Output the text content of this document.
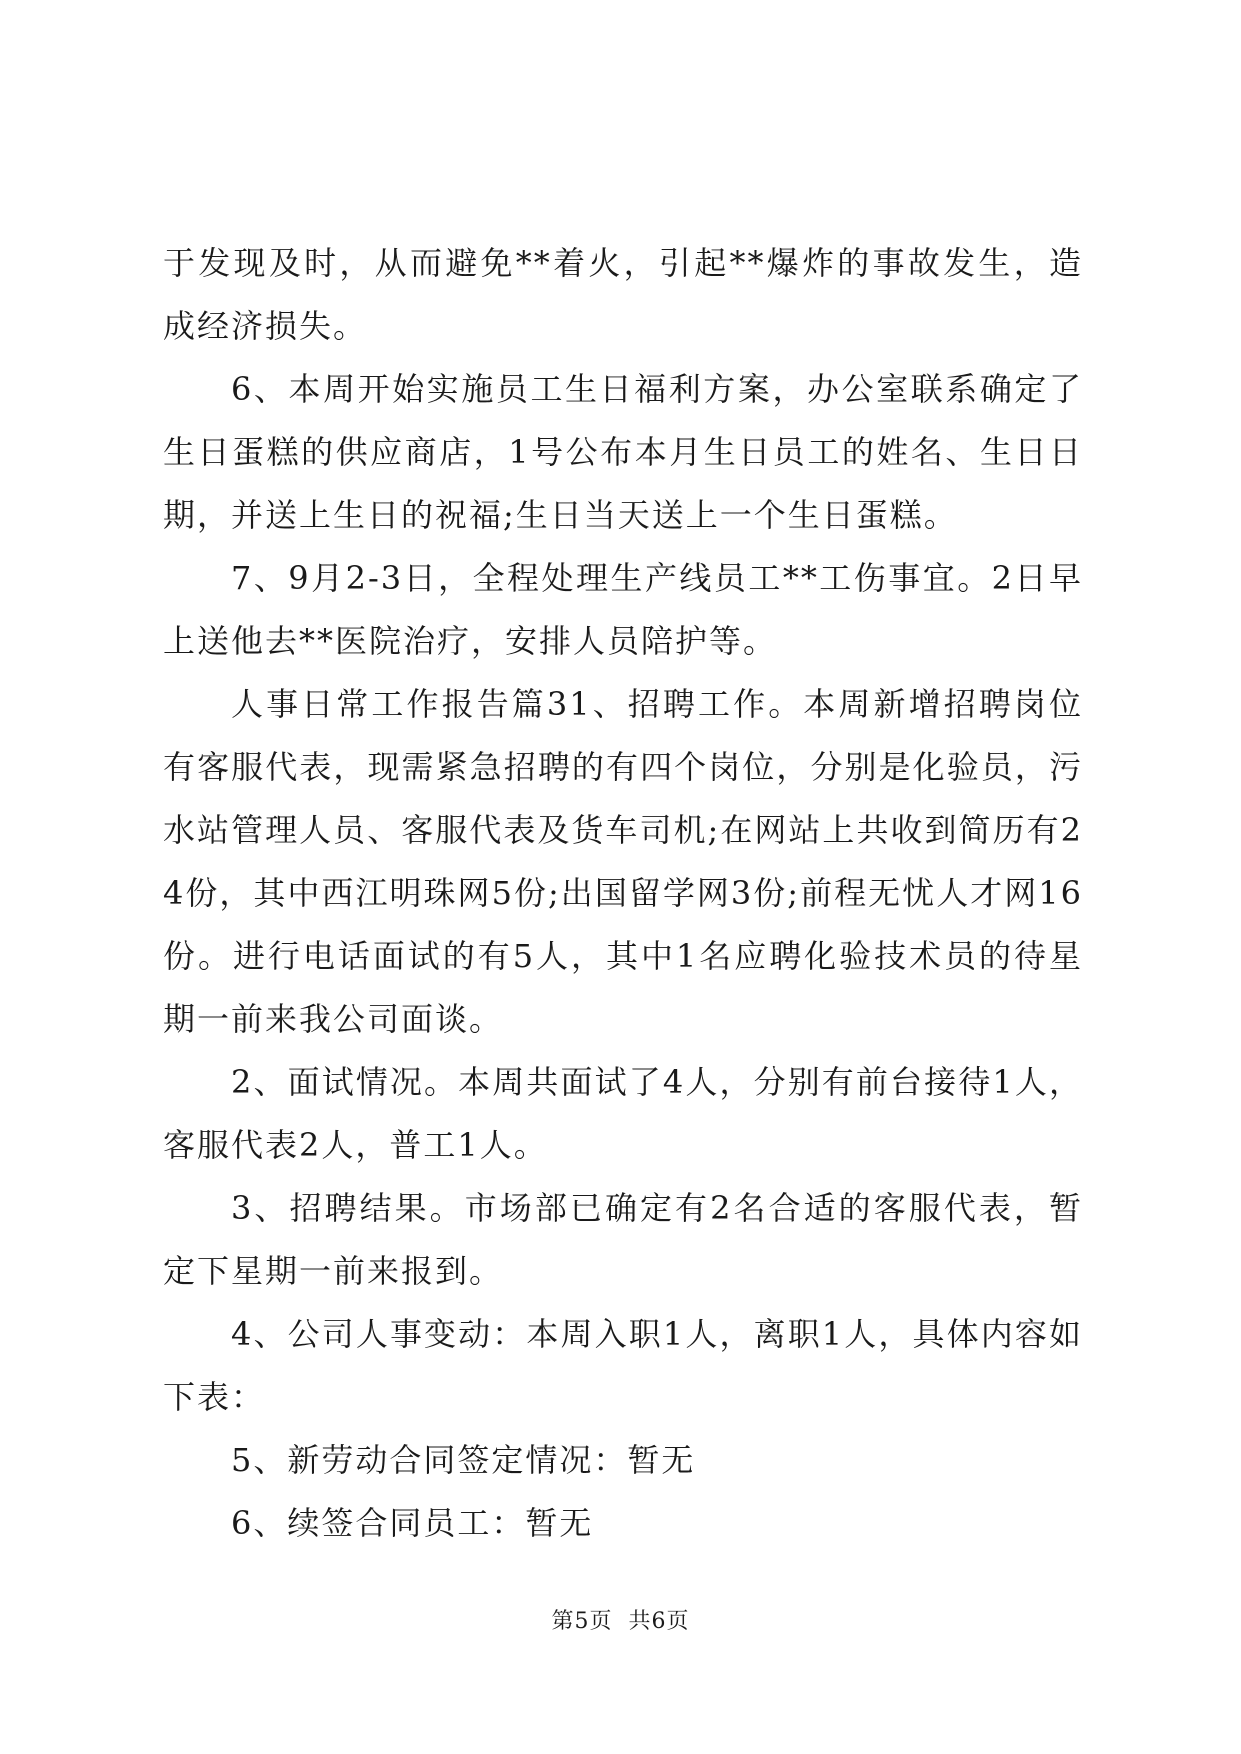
于发现及时，从而避免**着火，引起**爆炸的事故发生，造成经济损失。

6、本周开始实施员工生日福利方案，办公室联系确定了生日蛋糕的供应商店，1号公布本月生日员工的姓名、生日日期，并送上生日的祝福;生日当天送上一个生日蛋糕。

7、9月2-3日，全程处理生产线员工**工伤事宜。2日早上送他去**医院治疗，安排人员陪护等。

人事日常工作报告篇31、招聘工作。本周新增招聘岗位有客服代表，现需紧急招聘的有四个岗位，分别是化验员，污水站管理人员、客服代表及货车司机;在网站上共收到简历有24份，其中西江明珠网5份;出国留学网3份;前程无忧人才网16份。进行电话面试的有5人，其中1名应聘化验技术员的待星期一前来我公司面谈。

2、面试情况。本周共面试了4人，分别有前台接待1人，客服代表2人，普工1人。

3、招聘结果。市场部已确定有2名合适的客服代表，暂定下星期一前来报到。

4、公司人事变动：本周入职1人，离职1人，具体内容如下表：

5、新劳动合同签定情况：暂无

6、续签合同员工：暂无

第5页 共6页
